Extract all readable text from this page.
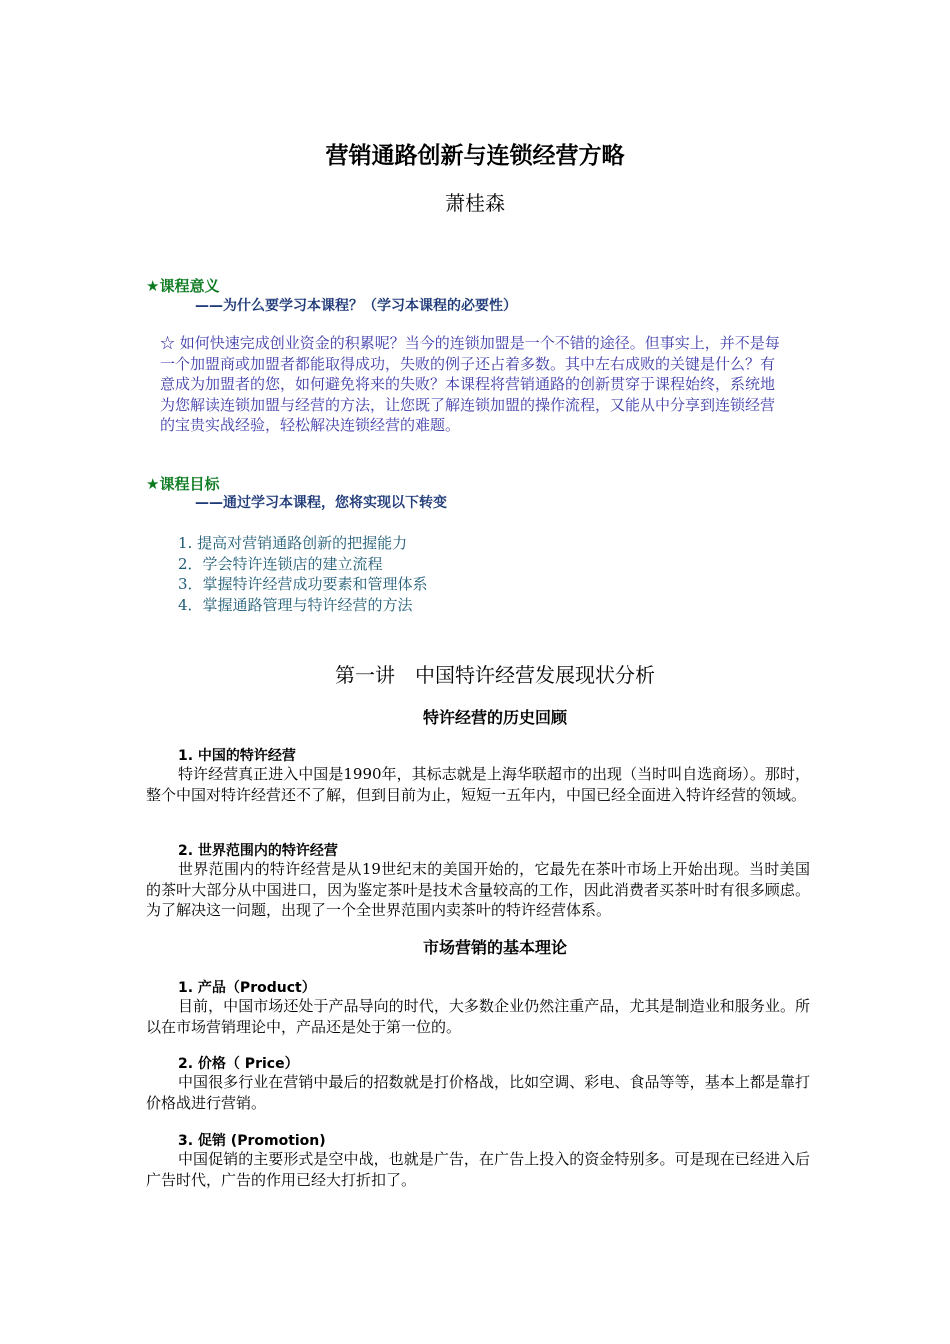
营销通路创新与连锁经营方略
萧桂森
★课程意义
——为什么要学习本课程？（学习本课程的必要性）
☆ 如何快速完成创业资金的积累呢？当今的连锁加盟是一个不错的途径。但事实上，并不是每一个加盟商或加盟者都能取得成功，失败的例子还占着多数。其中左右成败的关键是什么？有意成为加盟者的您，如何避免将来的失败？本课程将营销通路的创新贯穿于课程始终，系统地为您解读连锁加盟与经营的方法，让您既了解连锁加盟的操作流程，又能从中分享到连锁经营的宝贵实战经验，轻松解决连锁经营的难题。
★课程目标
——通过学习本课程，您将实现以下转变
1. 提高对营销通路创新的把握能力
2．学会特许连锁店的建立流程
3．掌握特许经营成功要素和管理体系
4．掌握通路管理与特许经营的方法
第一讲　中国特许经营发展现状分析
特许经营的历史回顾
1. 中国的特许经营
特许经营真正进入中国是1990年，其标志就是上海华联超市的出现（当时叫自选商场）。那时，整个中国对特许经营还不了解，但到目前为止，短短一五年内，中国已经全面进入特许经营的领域。
2. 世界范围内的特许经营
世界范围内的特许经营是从19世纪末的美国开始的，它最先在茶叶市场上开始出现。当时美国的茶叶大部分从中国进口，因为鉴定茶叶是技术含量较高的工作，因此消费者买茶叶时有很多顾虑。为了解决这一问题，出现了一个全世界范围内卖茶叶的特许经营体系。
市场营销的基本理论
1. 产品（Product）
目前，中国市场还处于产品导向的时代，大多数企业仍然注重产品，尤其是制造业和服务业。所以在市场营销理论中，产品还是处于第一位的。
2. 价格（ Price）
中国很多行业在营销中最后的招数就是打价格战，比如空调、彩电、食品等等，基本上都是靠打价格战进行营销。
3. 促销 (Promotion)
中国促销的主要形式是空中战，也就是广告，在广告上投入的资金特别多。可是现在已经进入后广告时代，广告的作用已经大打折扣了。
